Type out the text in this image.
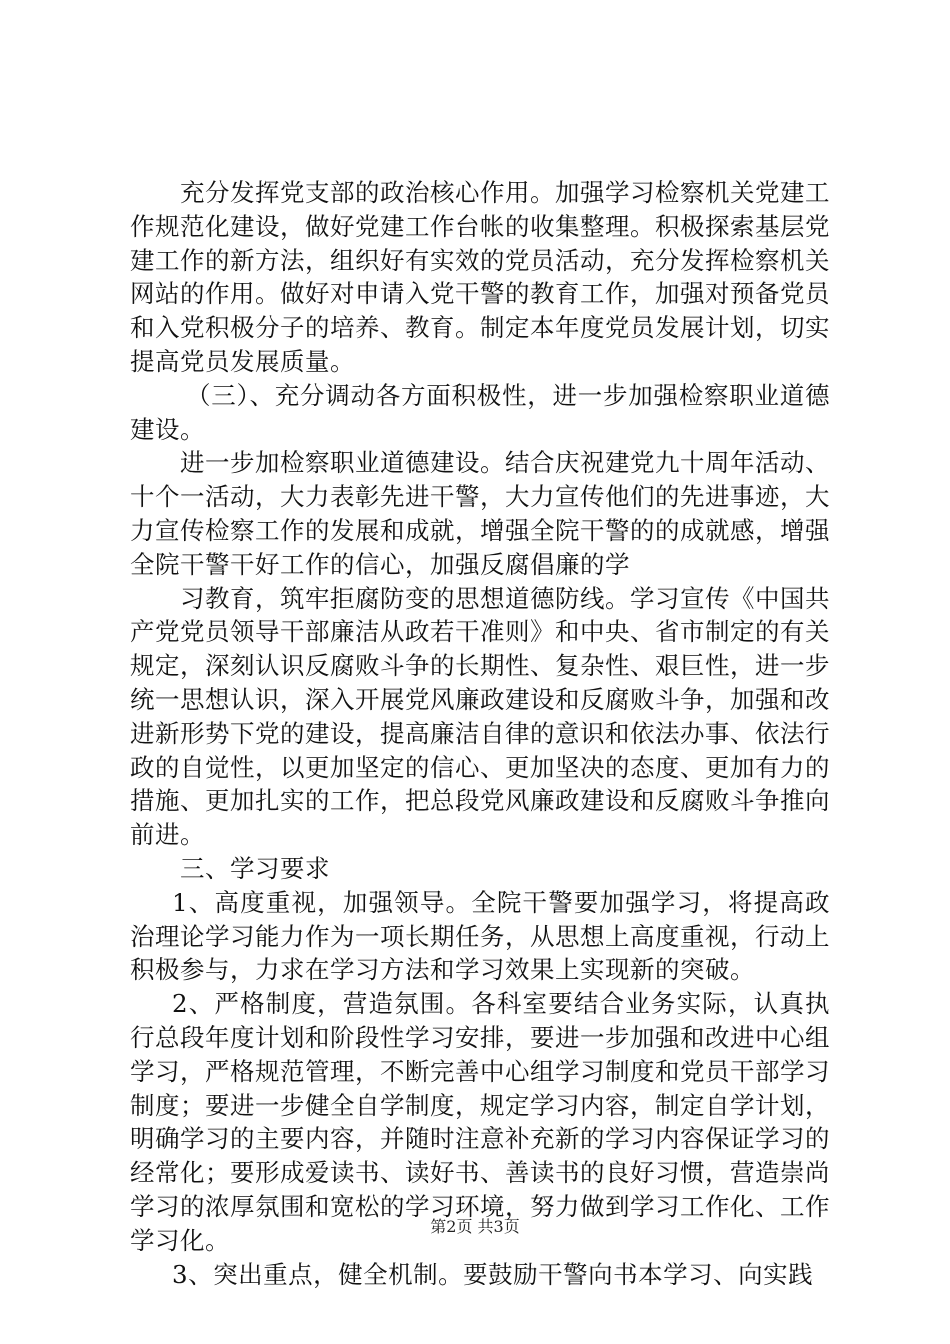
充分发挥党支部的政治核心作用。加强学习检察机关党建工作规范化建设，做好党建工作台帐的收集整理。积极探索基层党建工作的新方法，组织好有实效的党员活动，充分发挥检察机关网站的作用。做好对申请入党干警的教育工作，加强对预备党员和入党积极分子的培养、教育。制定本年度党员发展计划，切实提高党员发展质量。

（三）、充分调动各方面积极性，进一步加强检察职业道德建设。

进一步加检察职业道德建设。结合庆祝建党九十周年活动、十个一活动，大力表彰先进干警，大力宣传他们的先进事迹，大力宣传检察工作的发展和成就，增强全院干警的的成就感，增强全院干警干好工作的信心，加强反腐倡廉的学

习教育，筑牢拒腐防变的思想道德防线。学习宣传《中国共产党党员领导干部廉洁从政若干准则》和中央、省市制定的有关规定，深刻认识反腐败斗争的长期性、复杂性、艰巨性，进一步统一思想认识，深入开展党风廉政建设和反腐败斗争，加强和改进新形势下党的建设，提高廉洁自律的意识和依法办事、依法行政的自觉性，以更加坚定的信心、更加坚决的态度、更加有力的措施、更加扎实的工作，把总段党风廉政建设和反腐败斗争推向前进。

三、学习要求

1、高度重视，加强领导。全院干警要加强学习，将提高政治理论学习能力作为一项长期任务，从思想上高度重视，行动上积极参与，力求在学习方法和学习效果上实现新的突破。

2、严格制度，营造氛围。各科室要结合业务实际，认真执行总段年度计划和阶段性学习安排，要进一步加强和改进中心组学习，严格规范管理，不断完善中心组学习制度和党员干部学习制度；要进一步健全自学制度，规定学习内容，制定自学计划，明确学习的主要内容，并随时注意补充新的学习内容保证学习的经常化；要形成爱读书、读好书、善读书的良好习惯，营造崇尚学习的浓厚氛围和宽松的学习环境，努力做到学习工作化、工作学习化。

3、突出重点，健全机制。要鼓励干警向书本学习、向实践

第2页 共3页
